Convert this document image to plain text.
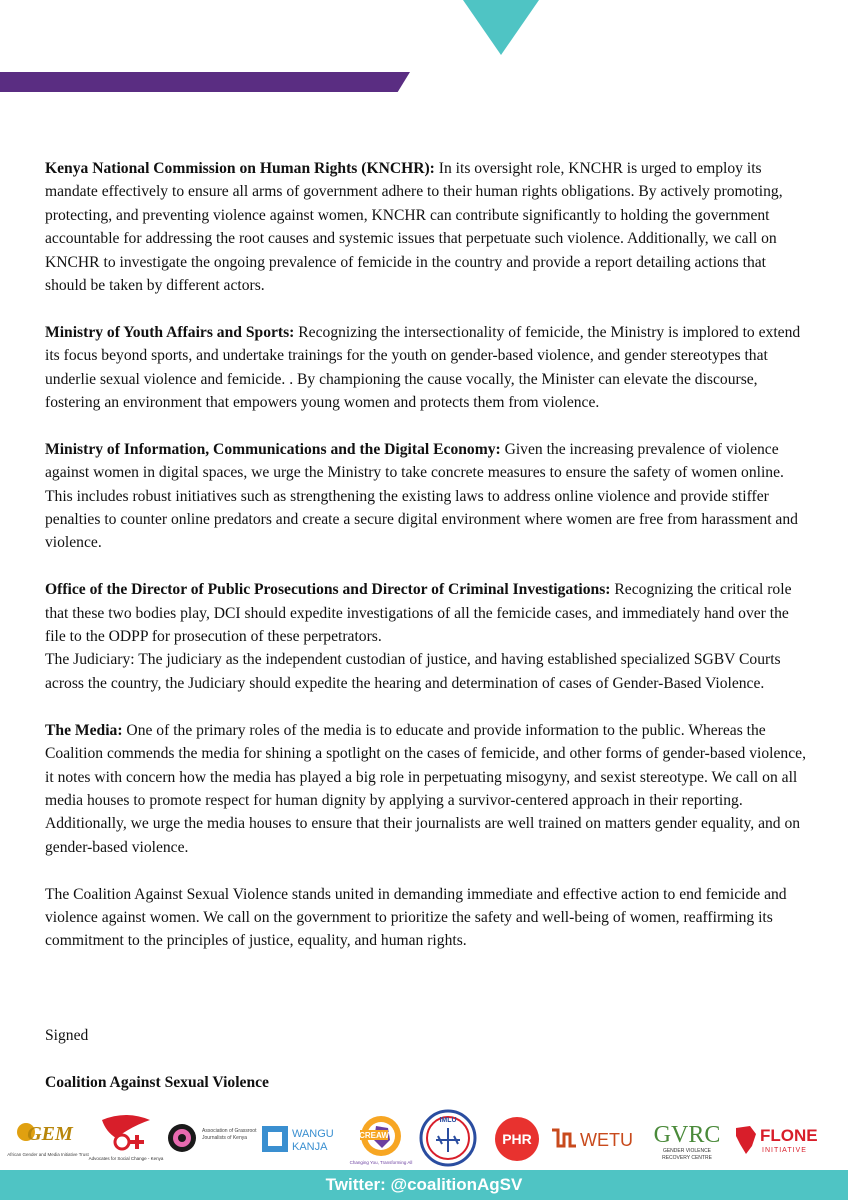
Kenya National Commission on Human Rights (KNCHR): In its oversight role, KNCHR is urged to employ its mandate effectively to ensure all arms of government adhere to their human rights obligations. By actively promoting, protecting, and preventing violence against women, KNCHR can contribute significantly to holding the government accountable for addressing the root causes and systemic issues that perpetuate such violence. Additionally, we call on KNCHR to investigate the ongoing prevalence of femicide in the country and provide a report detailing actions that should be taken by different actors.

Ministry of Youth Affairs and Sports: Recognizing the intersectionality of femicide, the Ministry is implored to extend its focus beyond sports, and undertake trainings for the youth on gender-based violence, and gender stereotypes that underlie sexual violence and femicide. . By championing the cause vocally, the Minister can elevate the discourse, fostering an environment that empowers young women and protects them from violence.

Ministry of Information, Communications and the Digital Economy: Given the increasing prevalence of violence against women in digital spaces, we urge the Ministry to take concrete measures to ensure the safety of women online. This includes robust initiatives such as strengthening the existing laws to address online violence and provide stiffer penalties to counter online predators and create a secure digital environment where women are free from harassment and violence.

Office of the Director of Public Prosecutions and Director of Criminal Investigations: Recognizing the critical role that these two bodies play, DCI should expedite investigations of all the femicide cases, and immediately hand over the file to the ODPP for prosecution of these perpetrators.

The Judiciary: The judiciary as the independent custodian of justice, and having established specialized SGBV Courts across the country, the Judiciary should expedite the hearing and determination of cases of Gender-Based Violence.

The Media: One of the primary roles of the media is to educate and provide information to the public. Whereas the Coalition commends the media for shining a spotlight on the cases of femicide, and other forms of gender-based violence, it notes with concern how the media has played a big role in perpetuating misogyny, and sexist stereotype. We call on all media houses to promote respect for human dignity by applying a survivor-centered approach in their reporting. Additionally, we urge the media houses to ensure that their journalists are well trained on matters gender equality, and on gender-based violence.

The Coalition Against Sexual Violence stands united in demanding immediate and effective action to end femicide and violence against women. We call on the government to prioritize the safety and well-being of women, reaffirming its commitment to the principles of justice, equality, and human rights.

Signed
Coalition Against Sexual Violence
GEM
African Gender and Media Initiative Trust
Advocates for Social Change - Kenya
Association of Grassroot
Journalists of Kenya	WANGU
KANJA
CREAW
Changing You, Transforming All
IMLU
PHR	WETU GVRC
GENDER VIOLENCE
RECOVERY CENTRE
FLONE
INITIATIVE
Twitter: @coalitionAgSV
